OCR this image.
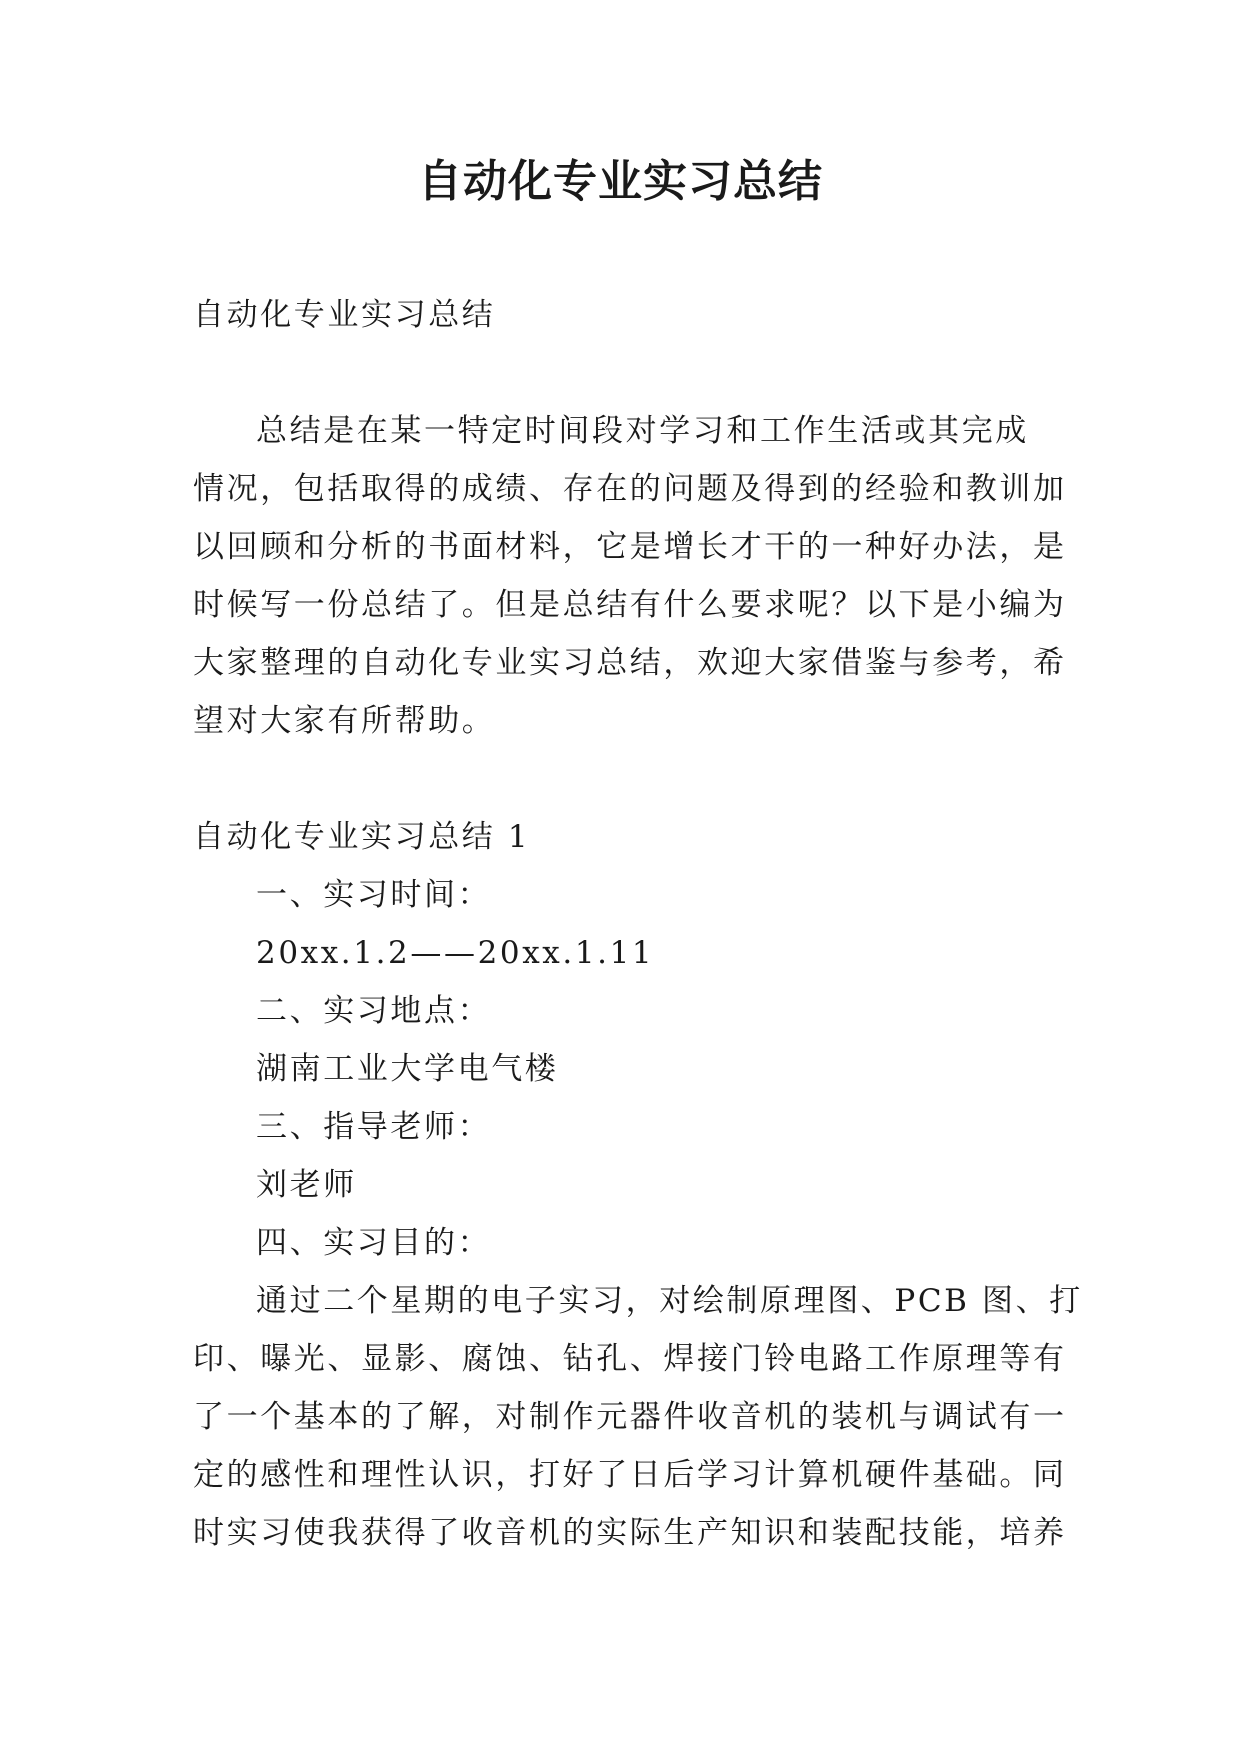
自动化专业实习总结
自动化专业实习总结
总结是在某一特定时间段对学习和工作生活或其完成
情况，包括取得的成绩、存在的问题及得到的经验和教训加
以回顾和分析的书面材料，它是增长才干的一种好办法，是
时候写一份总结了。但是总结有什么要求呢？以下是小编为
大家整理的自动化专业实习总结，欢迎大家借鉴与参考，希
望对大家有所帮助。
自动化专业实习总结 1
一、实习时间：
20xx.1.2——20xx.1.11
二、实习地点：
湖南工业大学电气楼
三、指导老师：
刘老师
四、实习目的：
通过二个星期的电子实习，对绘制原理图、PCB 图、打
印、曝光、显影、腐蚀、钻孔、焊接门铃电路工作原理等有
了一个基本的了解，对制作元器件收音机的装机与调试有一
定的感性和理性认识，打好了日后学习计算机硬件基础。同
时实习使我获得了收音机的实际生产知识和装配技能，培养
